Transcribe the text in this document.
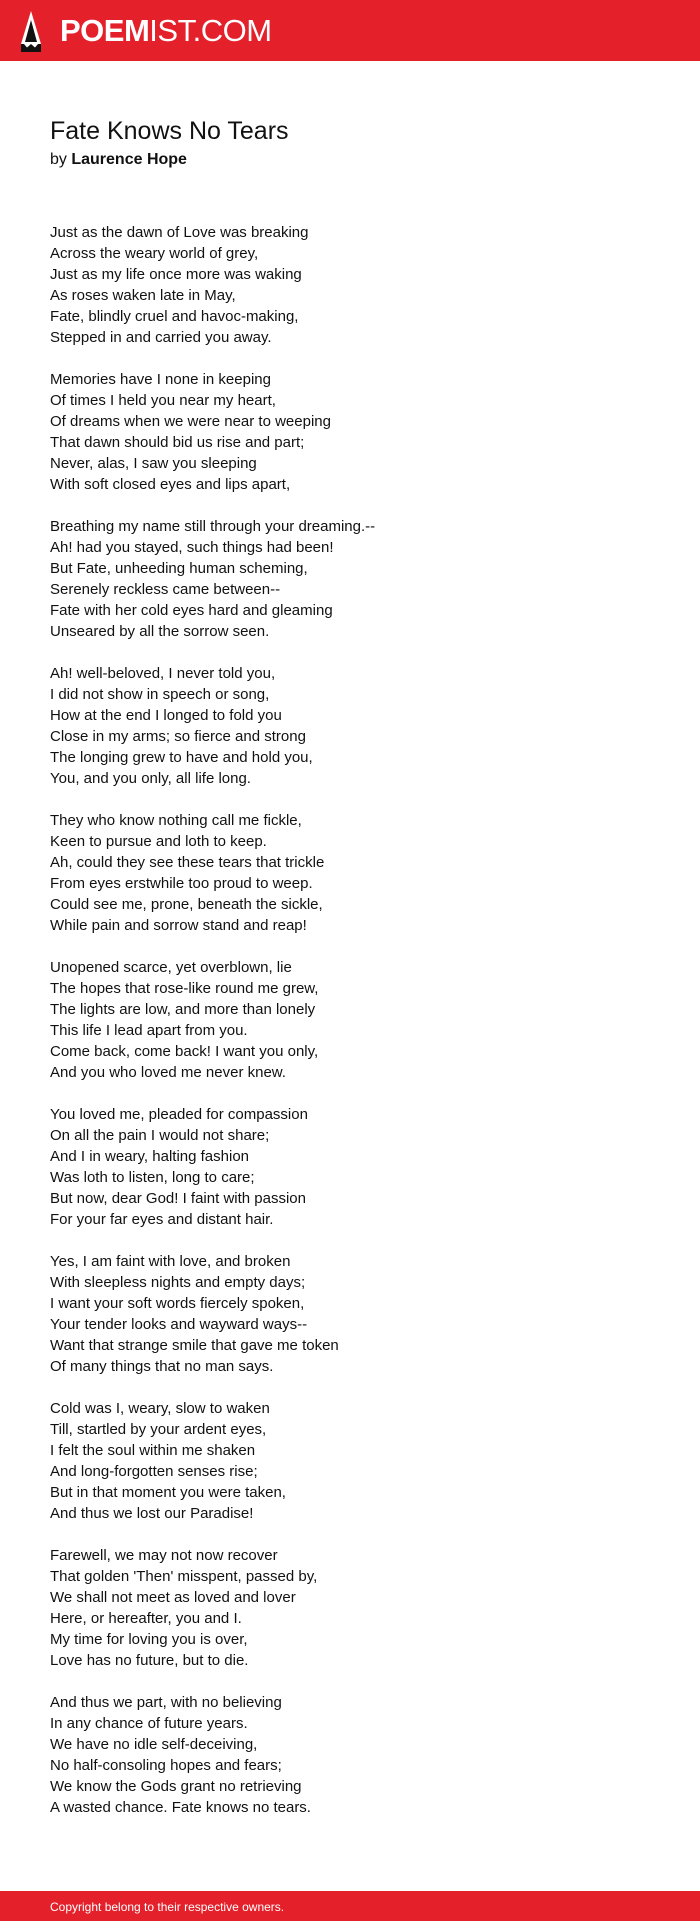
POEMIST.COM
Fate Knows No Tears
by Laurence Hope
Just as the dawn of Love was breaking
Across the weary world of grey,
Just as my life once more was waking
As roses waken late in May,
Fate, blindly cruel and havoc-making,
Stepped in and carried you away.
Memories have I none in keeping
Of times I held you near my heart,
Of dreams when we were near to weeping
That dawn should bid us rise and part;
Never, alas, I saw you sleeping
With soft closed eyes and lips apart,
Breathing my name still through your dreaming.--
Ah! had you stayed, such things had been!
But Fate, unheeding human scheming,
Serenely reckless came between--
Fate with her cold eyes hard and gleaming
Unseared by all the sorrow seen.
Ah! well-beloved, I never told you,
I did not show in speech or song,
How at the end I longed to fold you
Close in my arms; so fierce and strong
The longing grew to have and hold you,
You, and you only, all life long.
They who know nothing call me fickle,
Keen to pursue and loth to keep.
Ah, could they see these tears that trickle
From eyes erstwhile too proud to weep.
Could see me, prone, beneath the sickle,
While pain and sorrow stand and reap!
Unopened scarce, yet overblown, lie
The hopes that rose-like round me grew,
The lights are low, and more than lonely
This life I lead apart from you.
Come back, come back! I want you only,
And you who loved me never knew.
You loved me, pleaded for compassion
On all the pain I would not share;
And I in weary, halting fashion
Was loth to listen, long to care;
But now, dear God! I faint with passion
For your far eyes and distant hair.
Yes, I am faint with love, and broken
With sleepless nights and empty days;
I want your soft words fiercely spoken,
Your tender looks and wayward ways--
Want that strange smile that gave me token
Of many things that no man says.
Cold was I, weary, slow to waken
Till, startled by your ardent eyes,
I felt the soul within me shaken
And long-forgotten senses rise;
But in that moment you were taken,
And thus we lost our Paradise!
Farewell, we may not now recover
That golden 'Then' misspent, passed by,
We shall not meet as loved and lover
Here, or hereafter, you and I.
My time for loving you is over,
Love has no future, but to die.
And thus we part, with no believing
In any chance of future years.
We have no idle self-deceiving,
No half-consoling hopes and fears;
We know the Gods grant no retrieving
A wasted chance. Fate knows no tears.
Copyright belong to their respective owners.
